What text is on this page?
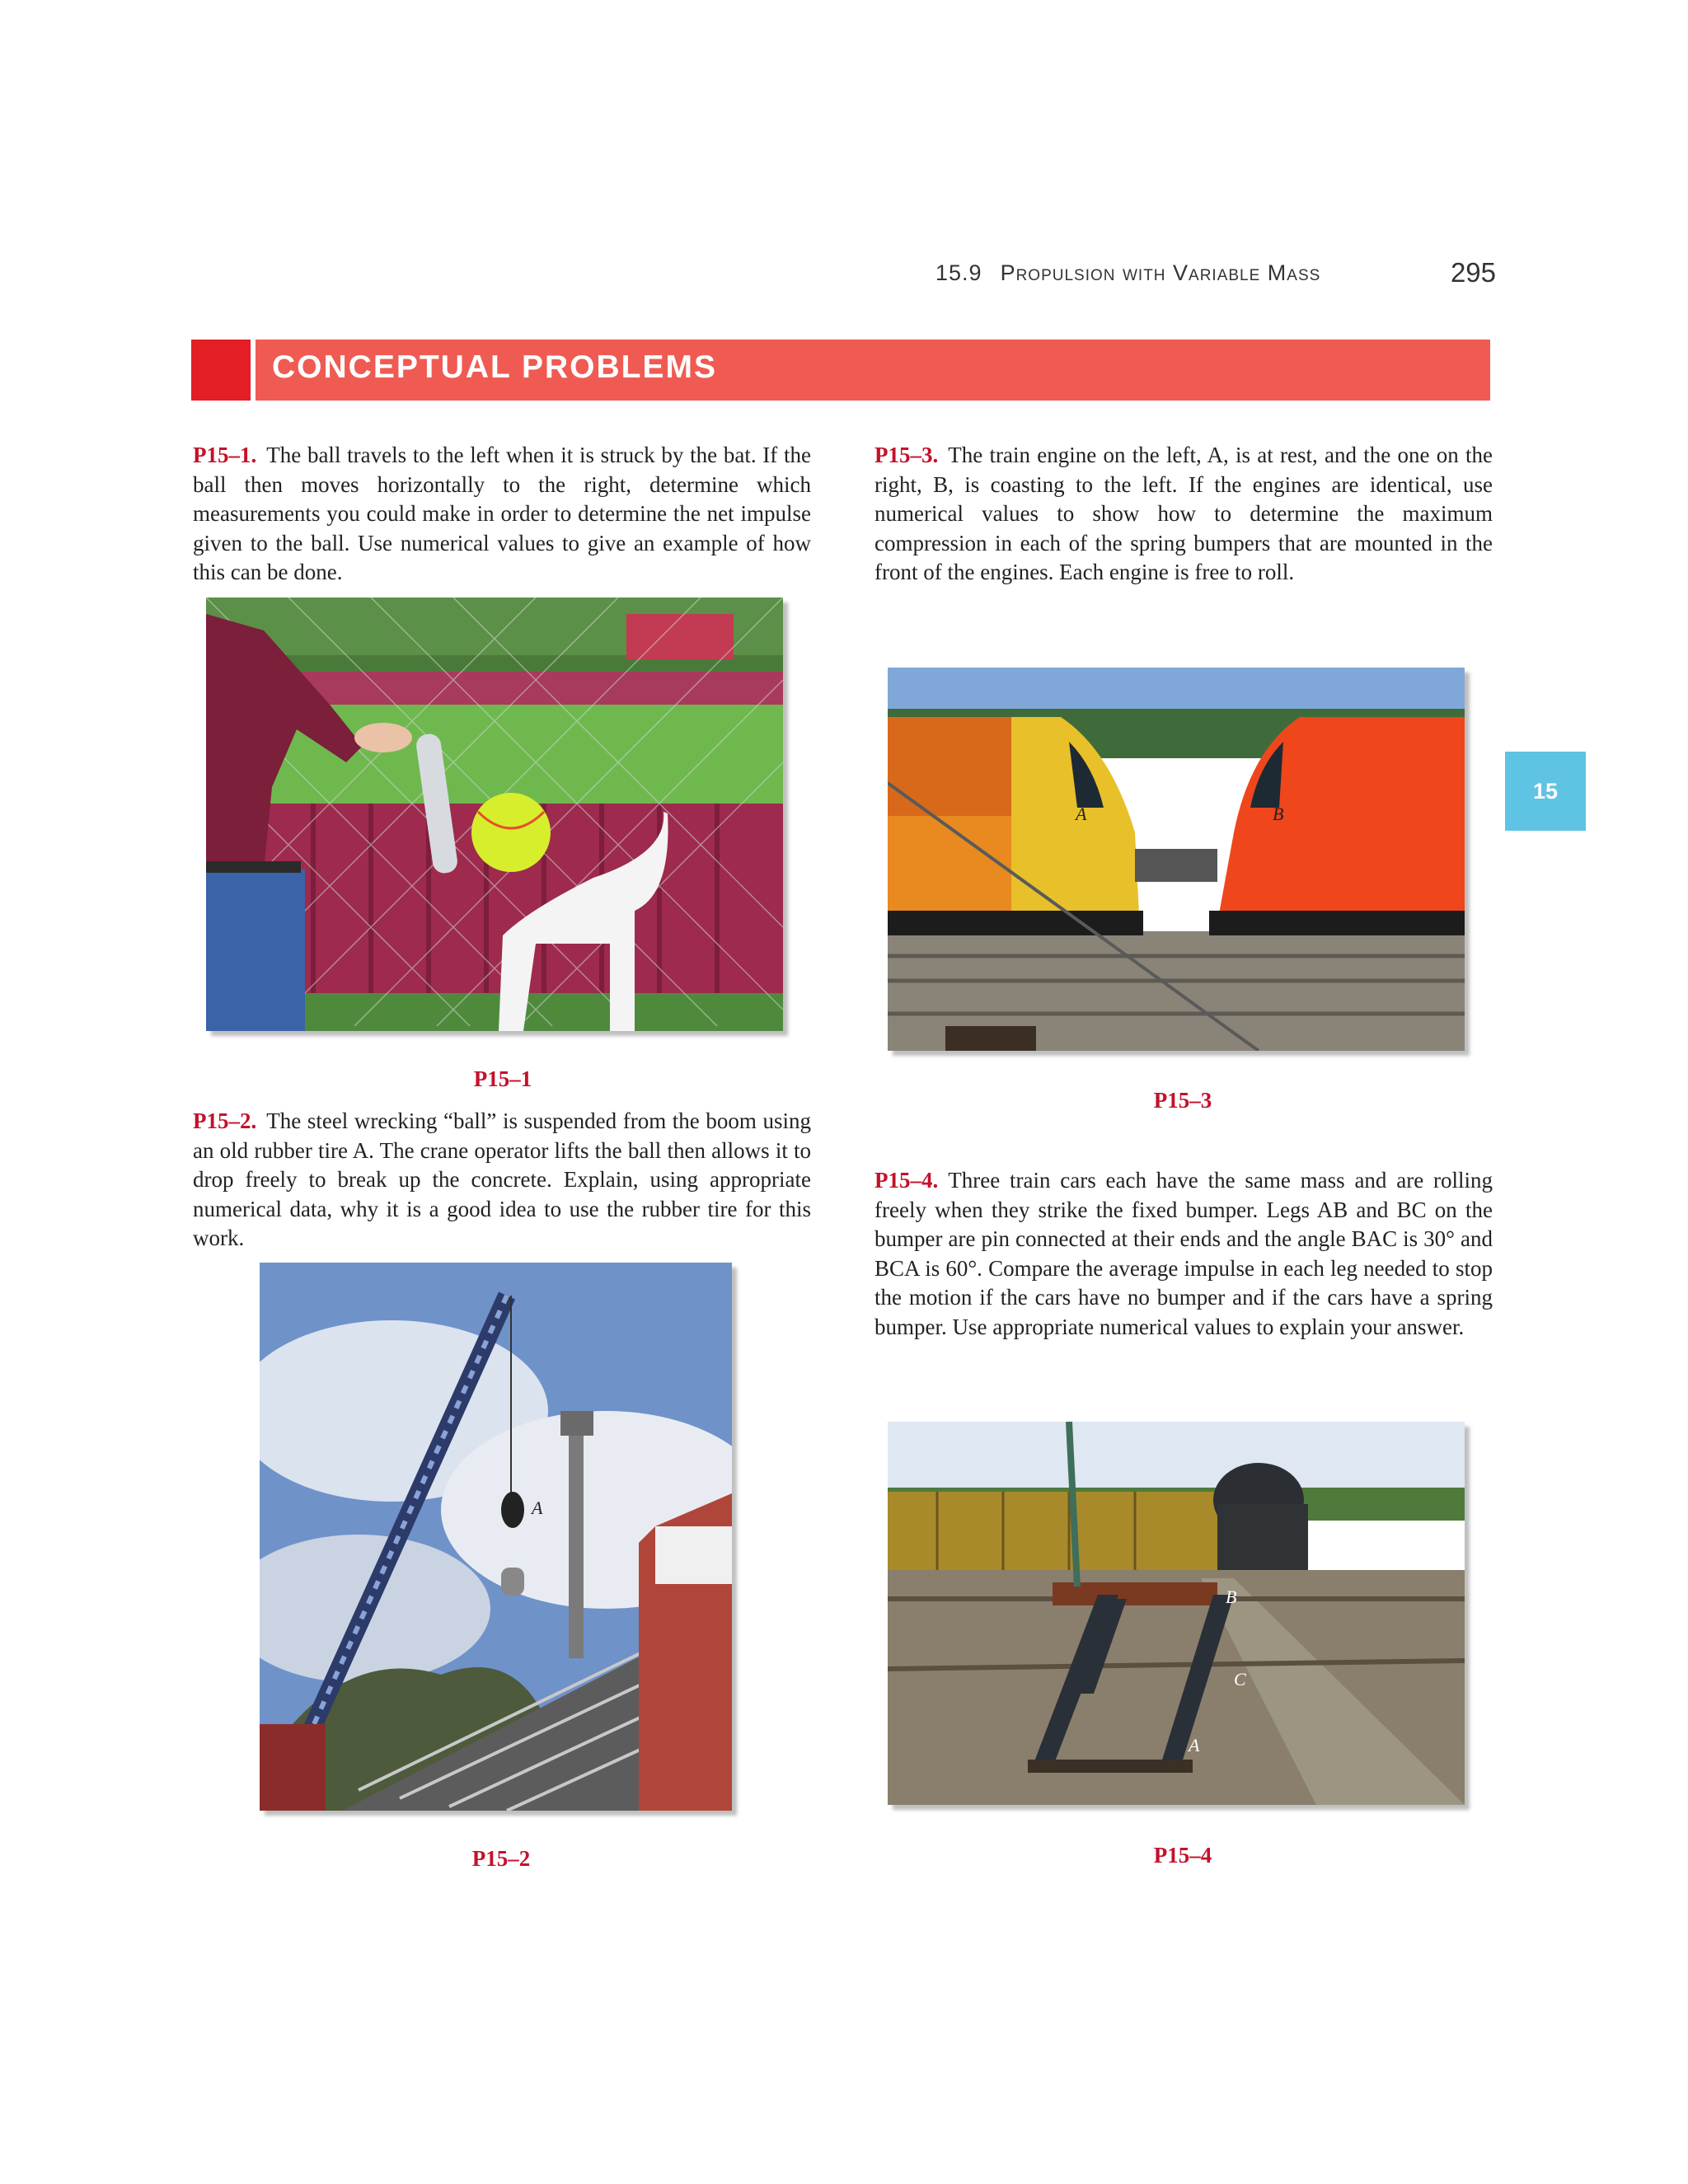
15.9 Propulsion with Variable Mass	295
CONCEPTUAL PROBLEMS
15
P15–1. The ball travels to the left when it is struck by the bat. If the ball then moves horizontally to the right, determine which measurements you could make in order to determine the net impulse given to the ball. Use numerical values to give an example of how this can be done.
P15–1
P15–2. The steel wrecking “ball” is suspended from the boom using an old rubber tire A. The crane operator lifts the ball then allows it to drop freely to break up the concrete. Explain, using appropriate numerical data, why it is a good idea to use the rubber tire for this work.
A
P15–2
P15–3. The train engine on the left, A, is at rest, and the one on the right, B, is coasting to the left. If the engines are identical, use numerical values to show how to determine the maximum compression in each of the spring bumpers that are mounted in the front of the engines. Each engine is free to roll.
A	B
P15–3
P15–4. Three train cars each have the same mass and are rolling freely when they strike the fixed bumper. Legs AB and BC on the bumper are pin connected at their ends and the angle BAC is 30° and BCA is 60°. Compare the average impulse in each leg needed to stop the motion if the cars have no bumper and if the cars have a spring bumper. Use appropriate numerical values to explain your answer.
B
C
A
P15–4
